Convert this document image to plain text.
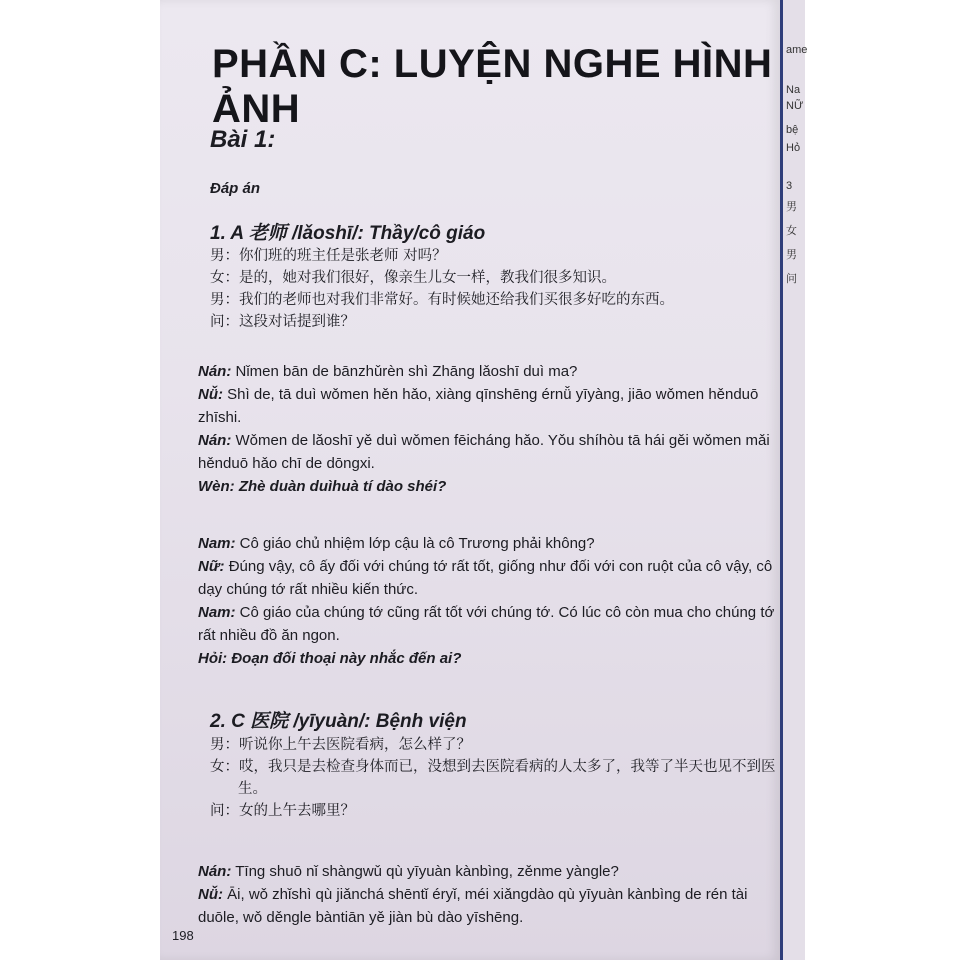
PHẦN C: LUYỆN NGHE HÌNH ẢNH
Bài 1:
Đáp án
1. A 老师 /lǎoshī/: Thầy/cô giáo
男：你们班的班主任是张老师 对吗？
女：是的，她对我们很好，像亲生儿女一样，教我们很多知识。
男：我们的老师也对我们非常好。有时候她还给我们买很多好吃的东西。
问：这段对话提到谁？

Nán: Nǐmen bān de bānzhǔrèn shì Zhāng lǎoshī duì ma?

Nǚ: Shì de, tā duì wǒmen hěn hǎo, xiàng qīnshēng érnǚ yīyàng, jiāo wǒmen hěnduō zhīshi.

Nán: Wǒmen de lǎoshī yě duì wǒmen fēicháng hǎo. Yǒu shíhòu tā hái gěi wǒmen mǎi hěnduō hǎo chī de dōngxi.

Wèn: Zhè duàn duìhuà tí dào shéi?

Nam: Cô giáo chủ nhiệm lớp cậu là cô Trương phải không?

Nữ: Đúng vậy, cô ấy đối với chúng tớ rất tốt, giống như đối với con ruột của cô vậy, cô dạy chúng tớ rất nhiều kiến thức.

Nam: Cô giáo của chúng tớ cũng rất tốt với chúng tớ. Có lúc cô còn mua cho chúng tớ rất nhiều đồ ăn ngon.

Hỏi: Đoạn đối thoại này nhắc đến ai?

2. C 医院 /yīyuàn/: Bệnh viện
男：听说你上午去医院看病，怎么样了？
女：哎，我只是去检查身体而已，没想到去医院看病的人太多了，我等了半天也见不到医生。
问：女的上午去哪里？

Nán: Tīng shuō nǐ shàngwǔ qù yīyuàn kànbìng, zěnme yàngle?

Nǚ: Āi, wǒ zhǐshì qù jiǎnchá shēntǐ éryǐ, méi xiǎngdào qù yīyuàn kànbìng de rén tài duōle, wǒ děngle bàntiān yě jiàn bù dào yīshēng.

198
ame
Na
NỮ
bệ
Hỏ
3
男
女
男
问
